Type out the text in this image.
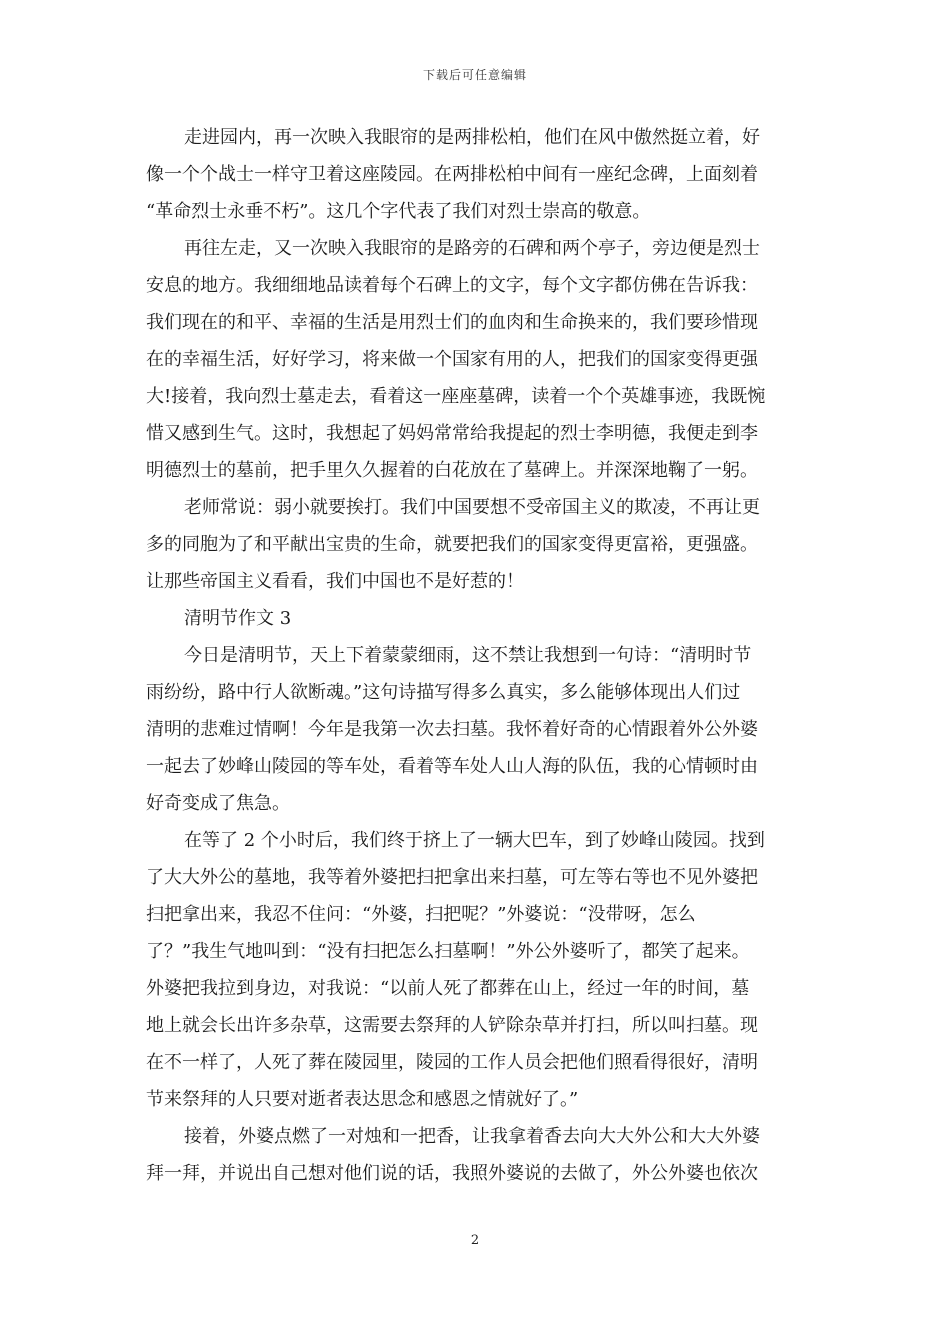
下载后可任意编辑
走进园内，再一次映入我眼帘的是两排松柏，他们在风中傲然挺立着，好
像一个个战士一样守卫着这座陵园。在两排松柏中间有一座纪念碑，上面刻着
“革命烈士永垂不朽”。这几个字代表了我们对烈士崇高的敬意。
再往左走，又一次映入我眼帘的是路旁的石碑和两个亭子，旁边便是烈士
安息的地方。我细细地品读着每个石碑上的文字，每个文字都仿佛在告诉我：
我们现在的和平、幸福的生活是用烈士们的血肉和生命换来的，我们要珍惜现
在的幸福生活，好好学习，将来做一个国家有用的人，把我们的国家变得更强
大!接着，我向烈士墓走去，看着这一座座墓碑，读着一个个英雄事迹，我既惋
惜又感到生气。这时，我想起了妈妈常常给我提起的烈士李明德，我便走到李
明德烈士的墓前，把手里久久握着的白花放在了墓碑上。并深深地鞠了一躬。
老师常说：弱小就要挨打。我们中国要想不受帝国主义的欺凌，不再让更
多的同胞为了和平献出宝贵的生命，就要把我们的国家变得更富裕，更强盛。
让那些帝国主义看看，我们中国也不是好惹的！
清明节作文 3
今日是清明节，天上下着蒙蒙细雨，这不禁让我想到一句诗：“清明时节
雨纷纷，路中行人欲断魂。”这句诗描写得多么真实，多么能够体现出人们过
清明的悲难过情啊！今年是我第一次去扫墓。我怀着好奇的心情跟着外公外婆
一起去了妙峰山陵园的等车处，看着等车处人山人海的队伍，我的心情顿时由
好奇变成了焦急。
在等了 2 个小时后，我们终于挤上了一辆大巴车，到了妙峰山陵园。找到
了大大外公的墓地，我等着外婆把扫把拿出来扫墓，可左等右等也不见外婆把
扫把拿出来，我忍不住问：“外婆，扫把呢？”外婆说：“没带呀，怎么
了？”我生气地叫到：“没有扫把怎么扫墓啊！”外公外婆听了，都笑了起来。
外婆把我拉到身边，对我说：“以前人死了都葬在山上，经过一年的时间，墓
地上就会长出许多杂草，这需要去祭拜的人铲除杂草并打扫，所以叫扫墓。现
在不一样了，人死了葬在陵园里，陵园的工作人员会把他们照看得很好，清明
节来祭拜的人只要对逝者表达思念和感恩之情就好了。”
接着，外婆点燃了一对烛和一把香，让我拿着香去向大大外公和大大外婆
拜一拜，并说出自己想对他们说的话，我照外婆说的去做了，外公外婆也依次
2
